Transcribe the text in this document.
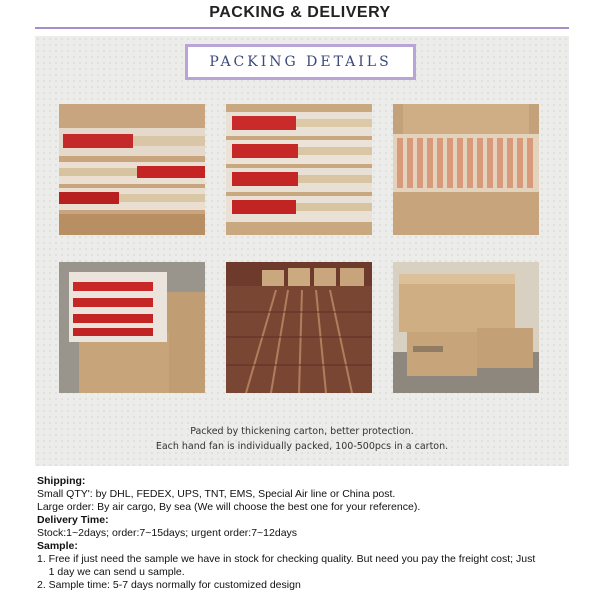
PACKING & DELIVERY
PACKING DETAILS
Packed by thickening carton, better protection.
Each hand fan is individually packed, 100-500pcs in a carton.
Shipping:
Small QTY': by DHL, FEDEX, UPS, TNT, EMS, Special Air line or China post.
Large order: By air cargo, By sea (We will choose the best one for your reference).
Delivery Time:
Stock:1~2days; order:7~15days; urgent order:7~12days
Sample:
1. Free if just need the sample we have in stock for checking quality. But need you pay the freight cost; Just
1 day we can send u sample.
2. Sample time: 5-7 days normally for customized design
